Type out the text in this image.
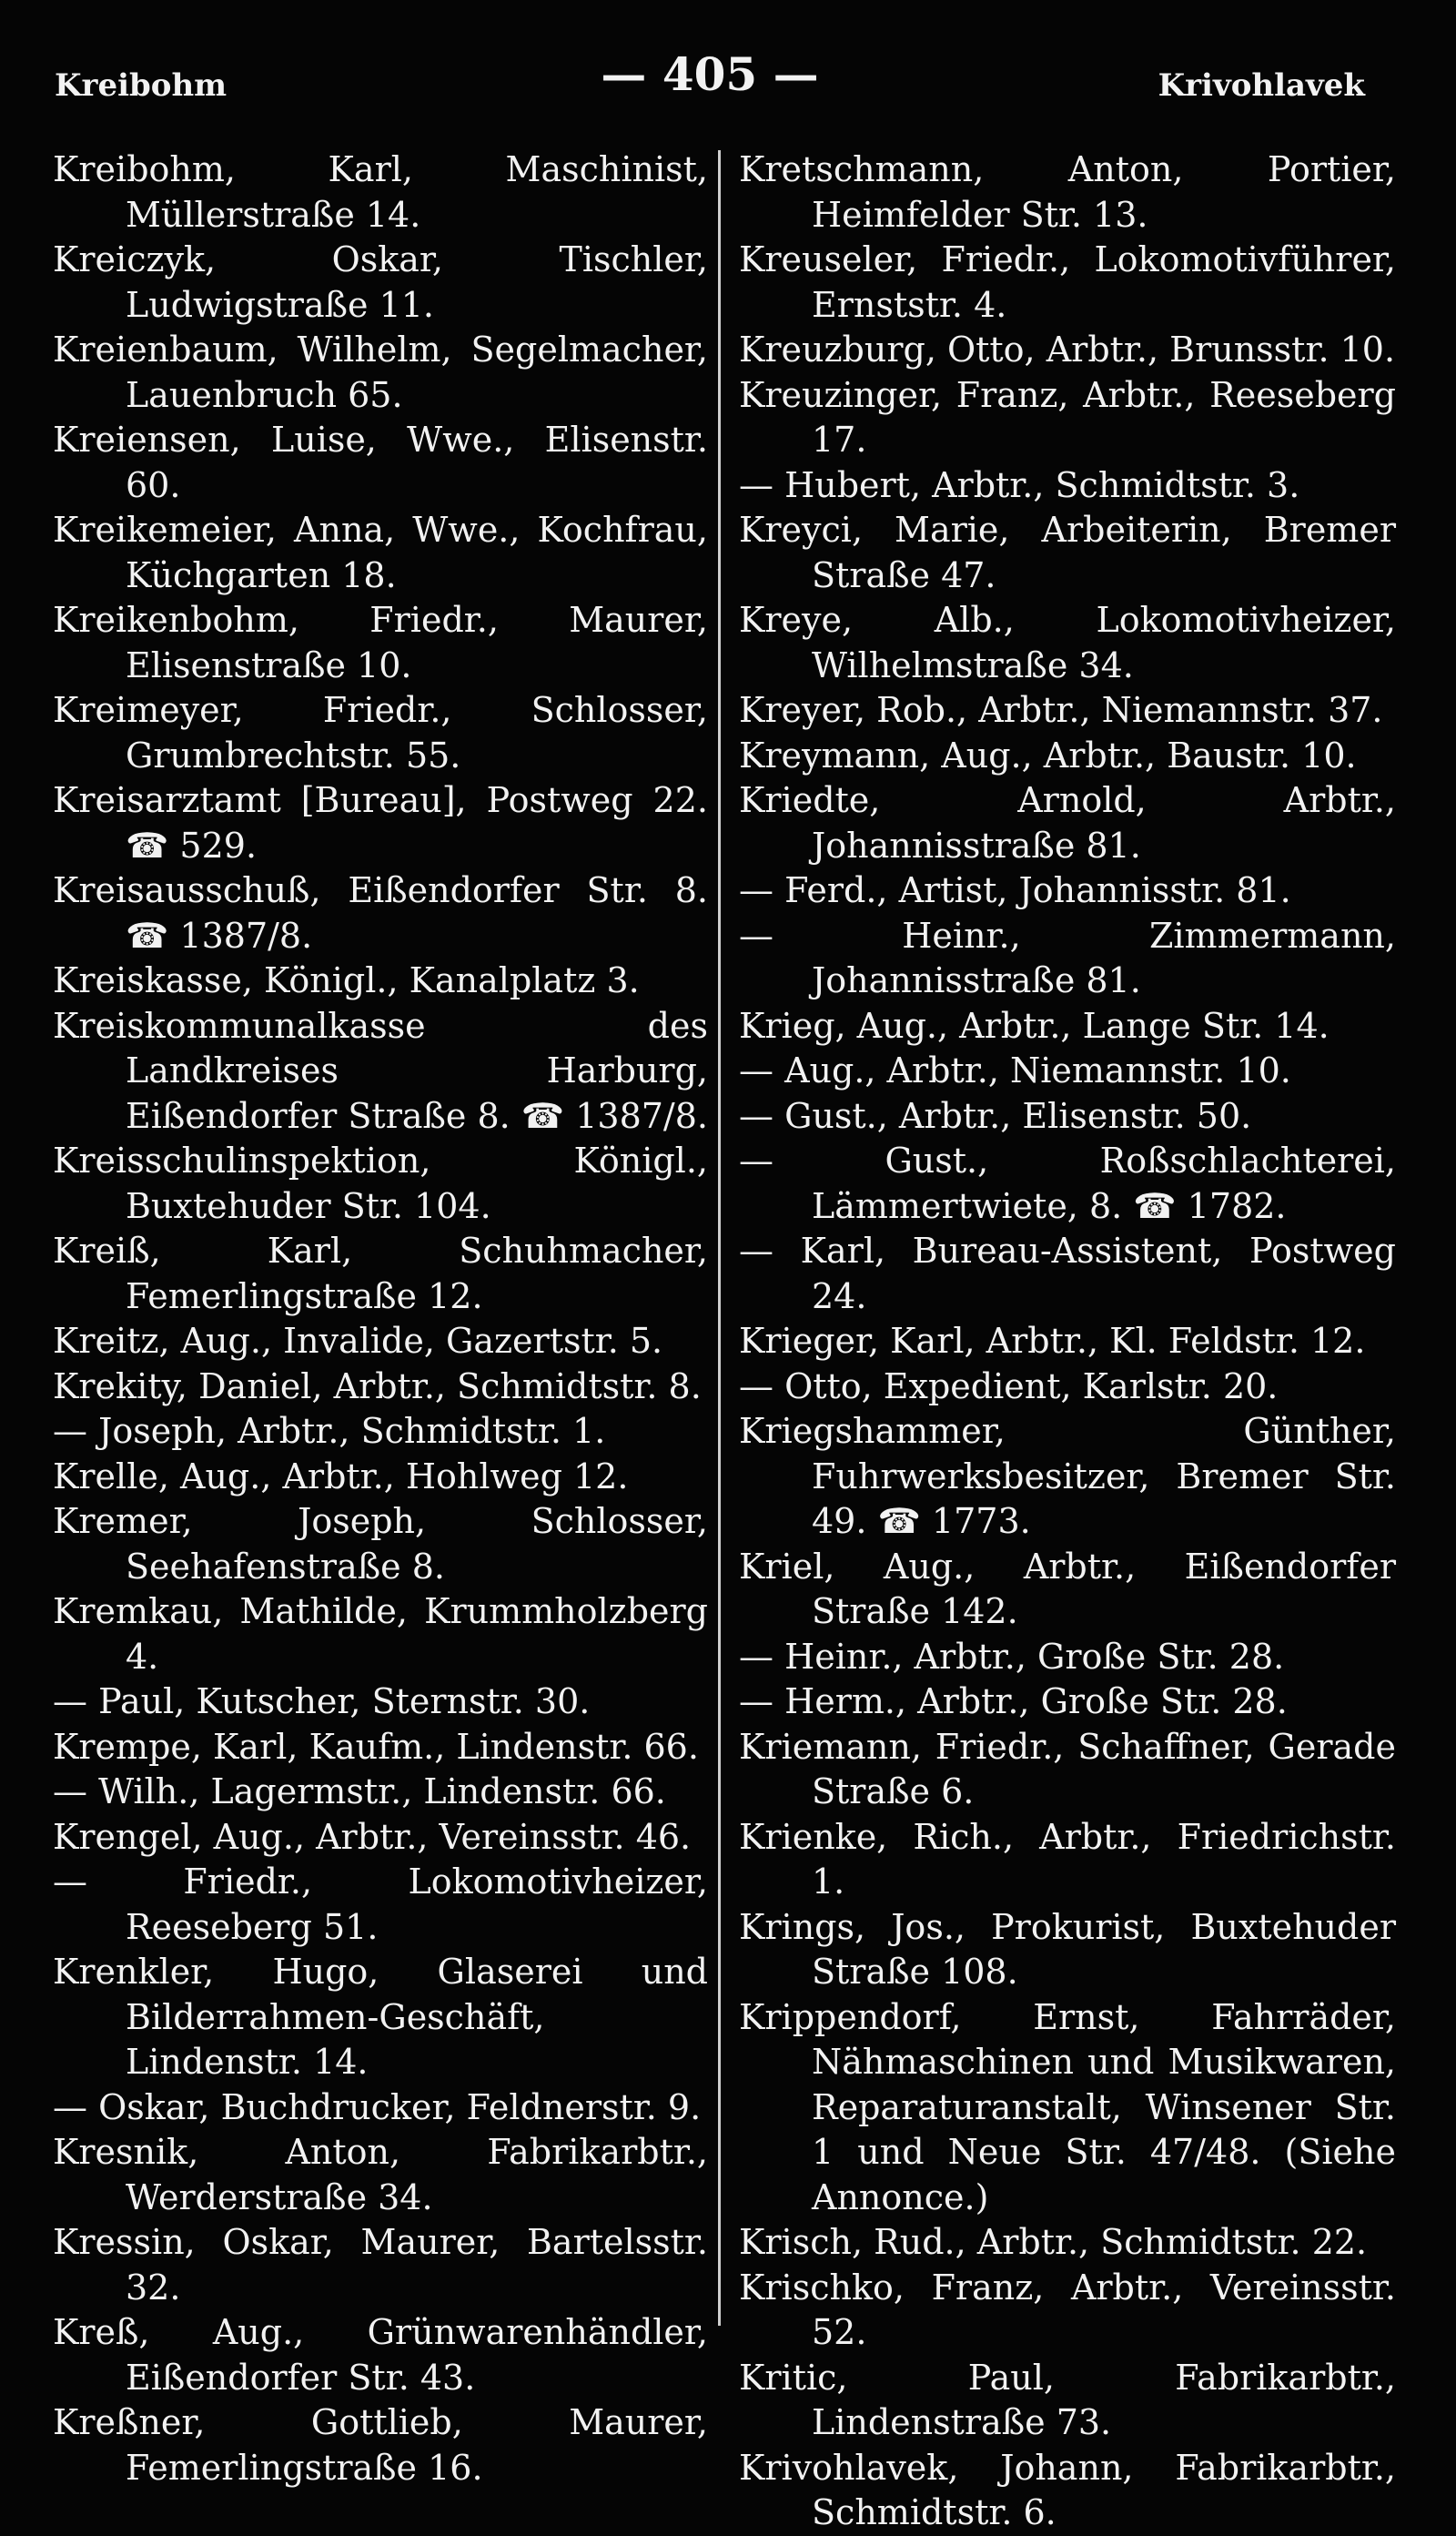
Kreibohm	— 405 —	Krivohlavek

Kreibohm, Karl, Maschinist, Müllerstraße 14.

Kreiczyk, Oskar, Tischler, Ludwigstraße 11.

Kreienbaum, Wilhelm, Segelmacher, Lauenbruch 65.

Kreiensen, Luise, Wwe., Elisenstr. 60.

Kreikemeier, Anna, Wwe., Kochfrau, Küchgarten 18.

Kreikenbohm, Friedr., Maurer, Elisenstraße 10.

Kreimeyer, Friedr., Schlosser, Grumbrechtstr. 55.

Kreisarztamt [Bureau], Postweg 22. ☎ 529.

Kreisausschuß, Eißendorfer Str. 8. ☎ 1387/8.

Kreiskasse, Königl., Kanalplatz 3.

Kreiskommunalkasse des Landkreises Harburg, Eißendorfer Straße 8. ☎ 1387/8.

Kreisschulinspektion, Königl., Buxtehuder Str. 104.

Kreiß, Karl, Schuhmacher, Femerlingstraße 12.

Kreitz, Aug., Invalide, Gazertstr. 5.

Krekity, Daniel, Arbtr., Schmidtstr. 8.

— Joseph, Arbtr., Schmidtstr. 1.

Krelle, Aug., Arbtr., Hohlweg 12.

Kremer, Joseph, Schlosser, Seehafenstraße 8.

Kremkau, Mathilde, Krummholzberg 4.

— Paul, Kutscher, Sternstr. 30.

Krempe, Karl, Kaufm., Lindenstr. 66.

— Wilh., Lagermstr., Lindenstr. 66.

Krengel, Aug., Arbtr., Vereinsstr. 46.

— Friedr., Lokomotivheizer, Reeseberg 51.

Krenkler, Hugo, Glaserei und Bilderrahmen-Geschäft, Lindenstr. 14.

— Oskar, Buchdrucker, Feldnerstr. 9.

Kresnik, Anton, Fabrikarbtr., Werderstraße 34.

Kressin, Oskar, Maurer, Bartelsstr. 32.

Kreß, Aug., Grünwarenhändler, Eißendorfer Str. 43.

Kreßner, Gottlieb, Maurer, Femerlingstraße 16.

Kretschmann, Anton, Portier, Heimfelder Str. 13.

Kreuseler, Friedr., Lokomotivführer, Ernststr. 4.

Kreuzburg, Otto, Arbtr., Brunsstr. 10.

Kreuzinger, Franz, Arbtr., Reeseberg 17.

— Hubert, Arbtr., Schmidtstr. 3.

Kreyci, Marie, Arbeiterin, Bremer Straße 47.

Kreye, Alb., Lokomotivheizer, Wilhelmstraße 34.

Kreyer, Rob., Arbtr., Niemannstr. 37.

Kreymann, Aug., Arbtr., Baustr. 10.

Kriedte, Arnold, Arbtr., Johannisstraße 81.

— Ferd., Artist, Johannisstr. 81.

— Heinr., Zimmermann, Johannisstraße 81.

Krieg, Aug., Arbtr., Lange Str. 14.

— Aug., Arbtr., Niemannstr. 10.

— Gust., Arbtr., Elisenstr. 50.

— Gust., Roßschlachterei, Lämmertwiete, 8. ☎ 1782.

— Karl, Bureau-Assistent, Postweg 24.

Krieger, Karl, Arbtr., Kl. Feldstr. 12.

— Otto, Expedient, Karlstr. 20.

Kriegshammer, Günther, Fuhrwerksbesitzer, Bremer Str. 49. ☎ 1773.

Kriel, Aug., Arbtr., Eißendorfer Straße 142.

— Heinr., Arbtr., Große Str. 28.

— Herm., Arbtr., Große Str. 28.

Kriemann, Friedr., Schaffner, Gerade Straße 6.

Krienke, Rich., Arbtr., Friedrichstr. 1.

Krings, Jos., Prokurist, Buxtehuder Straße 108.

Krippendorf, Ernst, Fahrräder, Nähmaschinen und Musikwaren, Reparaturanstalt, Winsener Str. 1 und Neue Str. 47/48. (Siehe Annonce.)

Krisch, Rud., Arbtr., Schmidtstr. 22.

Krischko, Franz, Arbtr., Vereinsstr. 52.

Kritic, Paul, Fabrikarbtr., Lindenstraße 73.

Krivohlavek, Johann, Fabrikarbtr., Schmidtstr. 6.
